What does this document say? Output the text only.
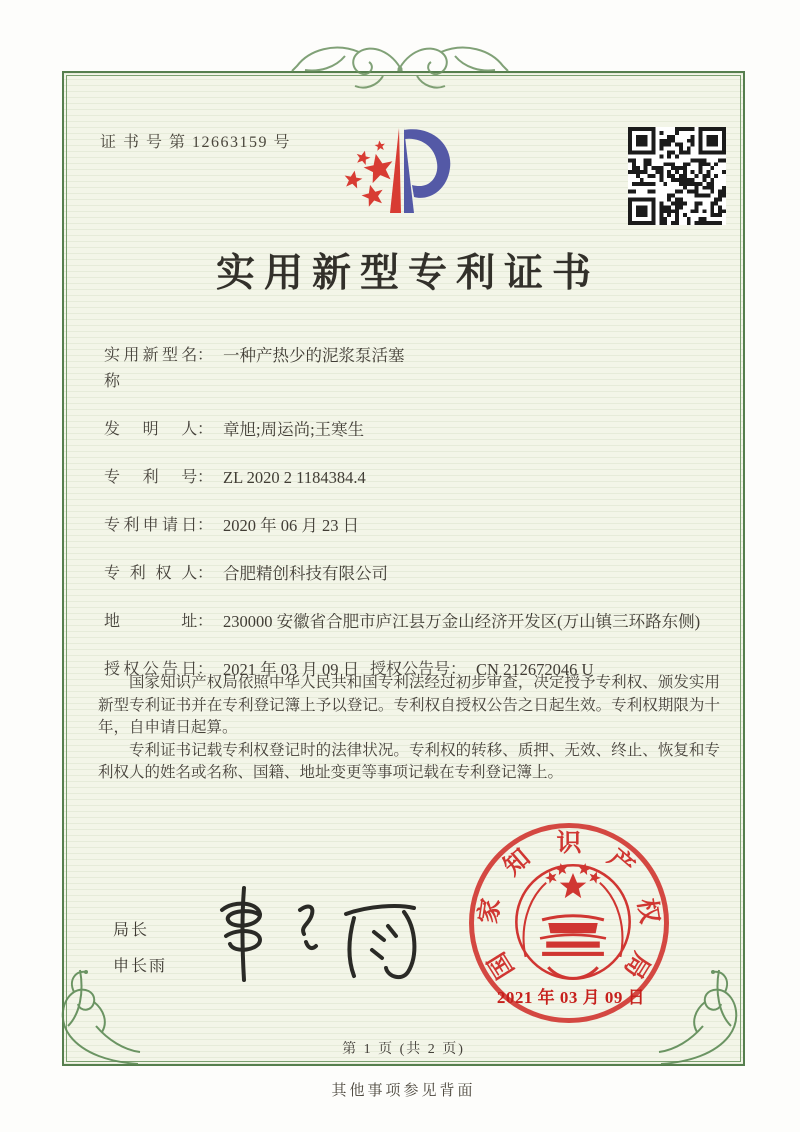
证 书 号 第 12663159 号
实用新型专利证书
实用新型名称
： 一种产热少的泥浆泵活塞
发明人 ： 章旭;周运尚;王寒生
专利号 ： ZL 2020 2 1184384.4
专利申请日 ： 2020 年 06 月 23 日
专利权人 ： 合肥精创科技有限公司
地址 ： 230000 安徽省合肥市庐江县万金山经济开发区(万山镇三环路东侧)
授权公告日 ： 2021 年 03 月 09 日 授权公告号 ： CN 212672046 U

国家知识产权局依照中华人民共和国专利法经过初步审查，决定授予专利权、颁发实用新型专利证书并在专利登记簿上予以登记。专利权自授权公告之日起生效。专利权期限为十年，自申请日起算。

专利证书记载专利权登记时的法律状况。专利权的转移、质押、无效、终止、恢复和专利权人的姓名或名称、国籍、地址变更等事项记载在专利登记簿上。

局长
申长雨	国
家
知
识
产
权
局
2021 年 03 月 09 日
第 1 页 (共 2 页)
其他事项参见背面
